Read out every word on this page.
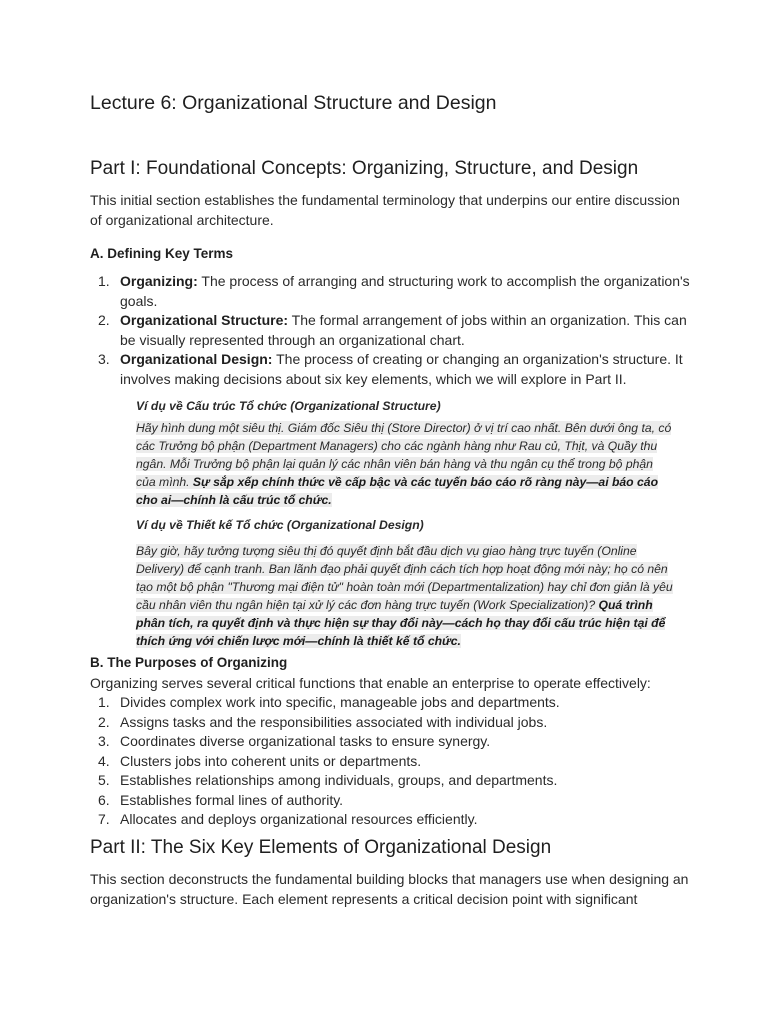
Lecture 6: Organizational Structure and Design
Part I: Foundational Concepts: Organizing, Structure, and Design

This initial section establishes the fundamental terminology that underpins our entire discussion of organizational architecture.

A. Defining Key Terms
1. Organizing: The process of arranging and structuring work to accomplish the organization's goals.
2. Organizational Structure: The formal arrangement of jobs within an organization. This can be visually represented through an organizational chart.
3. Organizational Design: The process of creating or changing an organization's structure. It involves making decisions about six key elements, which we will explore in Part II.

Ví dụ về Cấu trúc Tổ chức (Organizational Structure)

Hãy hình dung một siêu thị. Giám đốc Siêu thị (Store Director) ở vị trí cao nhất. Bên dưới ông ta, có các Trưởng bộ phận (Department Managers) cho các ngành hàng như Rau củ, Thịt, và Quầy thu ngân. Mỗi Trưởng bộ phận lại quản lý các nhân viên bán hàng và thu ngân cụ thể trong bộ phận của mình. Sự sắp xếp chính thức về cấp bậc và các tuyến báo cáo rõ ràng này—ai báo cáo cho ai—chính là cấu trúc tổ chức.

Ví dụ về Thiết kế Tổ chức (Organizational Design)

Bây giờ, hãy tưởng tượng siêu thị đó quyết định bắt đầu dịch vụ giao hàng trực tuyến (Online Delivery) để cạnh tranh. Ban lãnh đạo phải quyết định cách tích hợp hoạt động mới này; họ có nên tạo một bộ phận "Thương mại điện tử" hoàn toàn mới (Departmentalization) hay chỉ đơn giản là yêu cầu nhân viên thu ngân hiện tại xử lý các đơn hàng trực tuyến (Work Specialization)? Quá trình phân tích, ra quyết định và thực hiện sự thay đổi này—cách họ thay đổi cấu trúc hiện tại để thích ứng với chiến lược mới—chính là thiết kế tổ chức.

B. The Purposes of Organizing

Organizing serves several critical functions that enable an enterprise to operate effectively:

1. Divides complex work into specific, manageable jobs and departments.
2. Assigns tasks and the responsibilities associated with individual jobs.
3. Coordinates diverse organizational tasks to ensure synergy.
4. Clusters jobs into coherent units or departments.
5. Establishes relationships among individuals, groups, and departments.
6. Establishes formal lines of authority.
7. Allocates and deploys organizational resources efficiently.
Part II: The Six Key Elements of Organizational Design

This section deconstructs the fundamental building blocks that managers use when designing an organization's structure. Each element represents a critical decision point with significant
